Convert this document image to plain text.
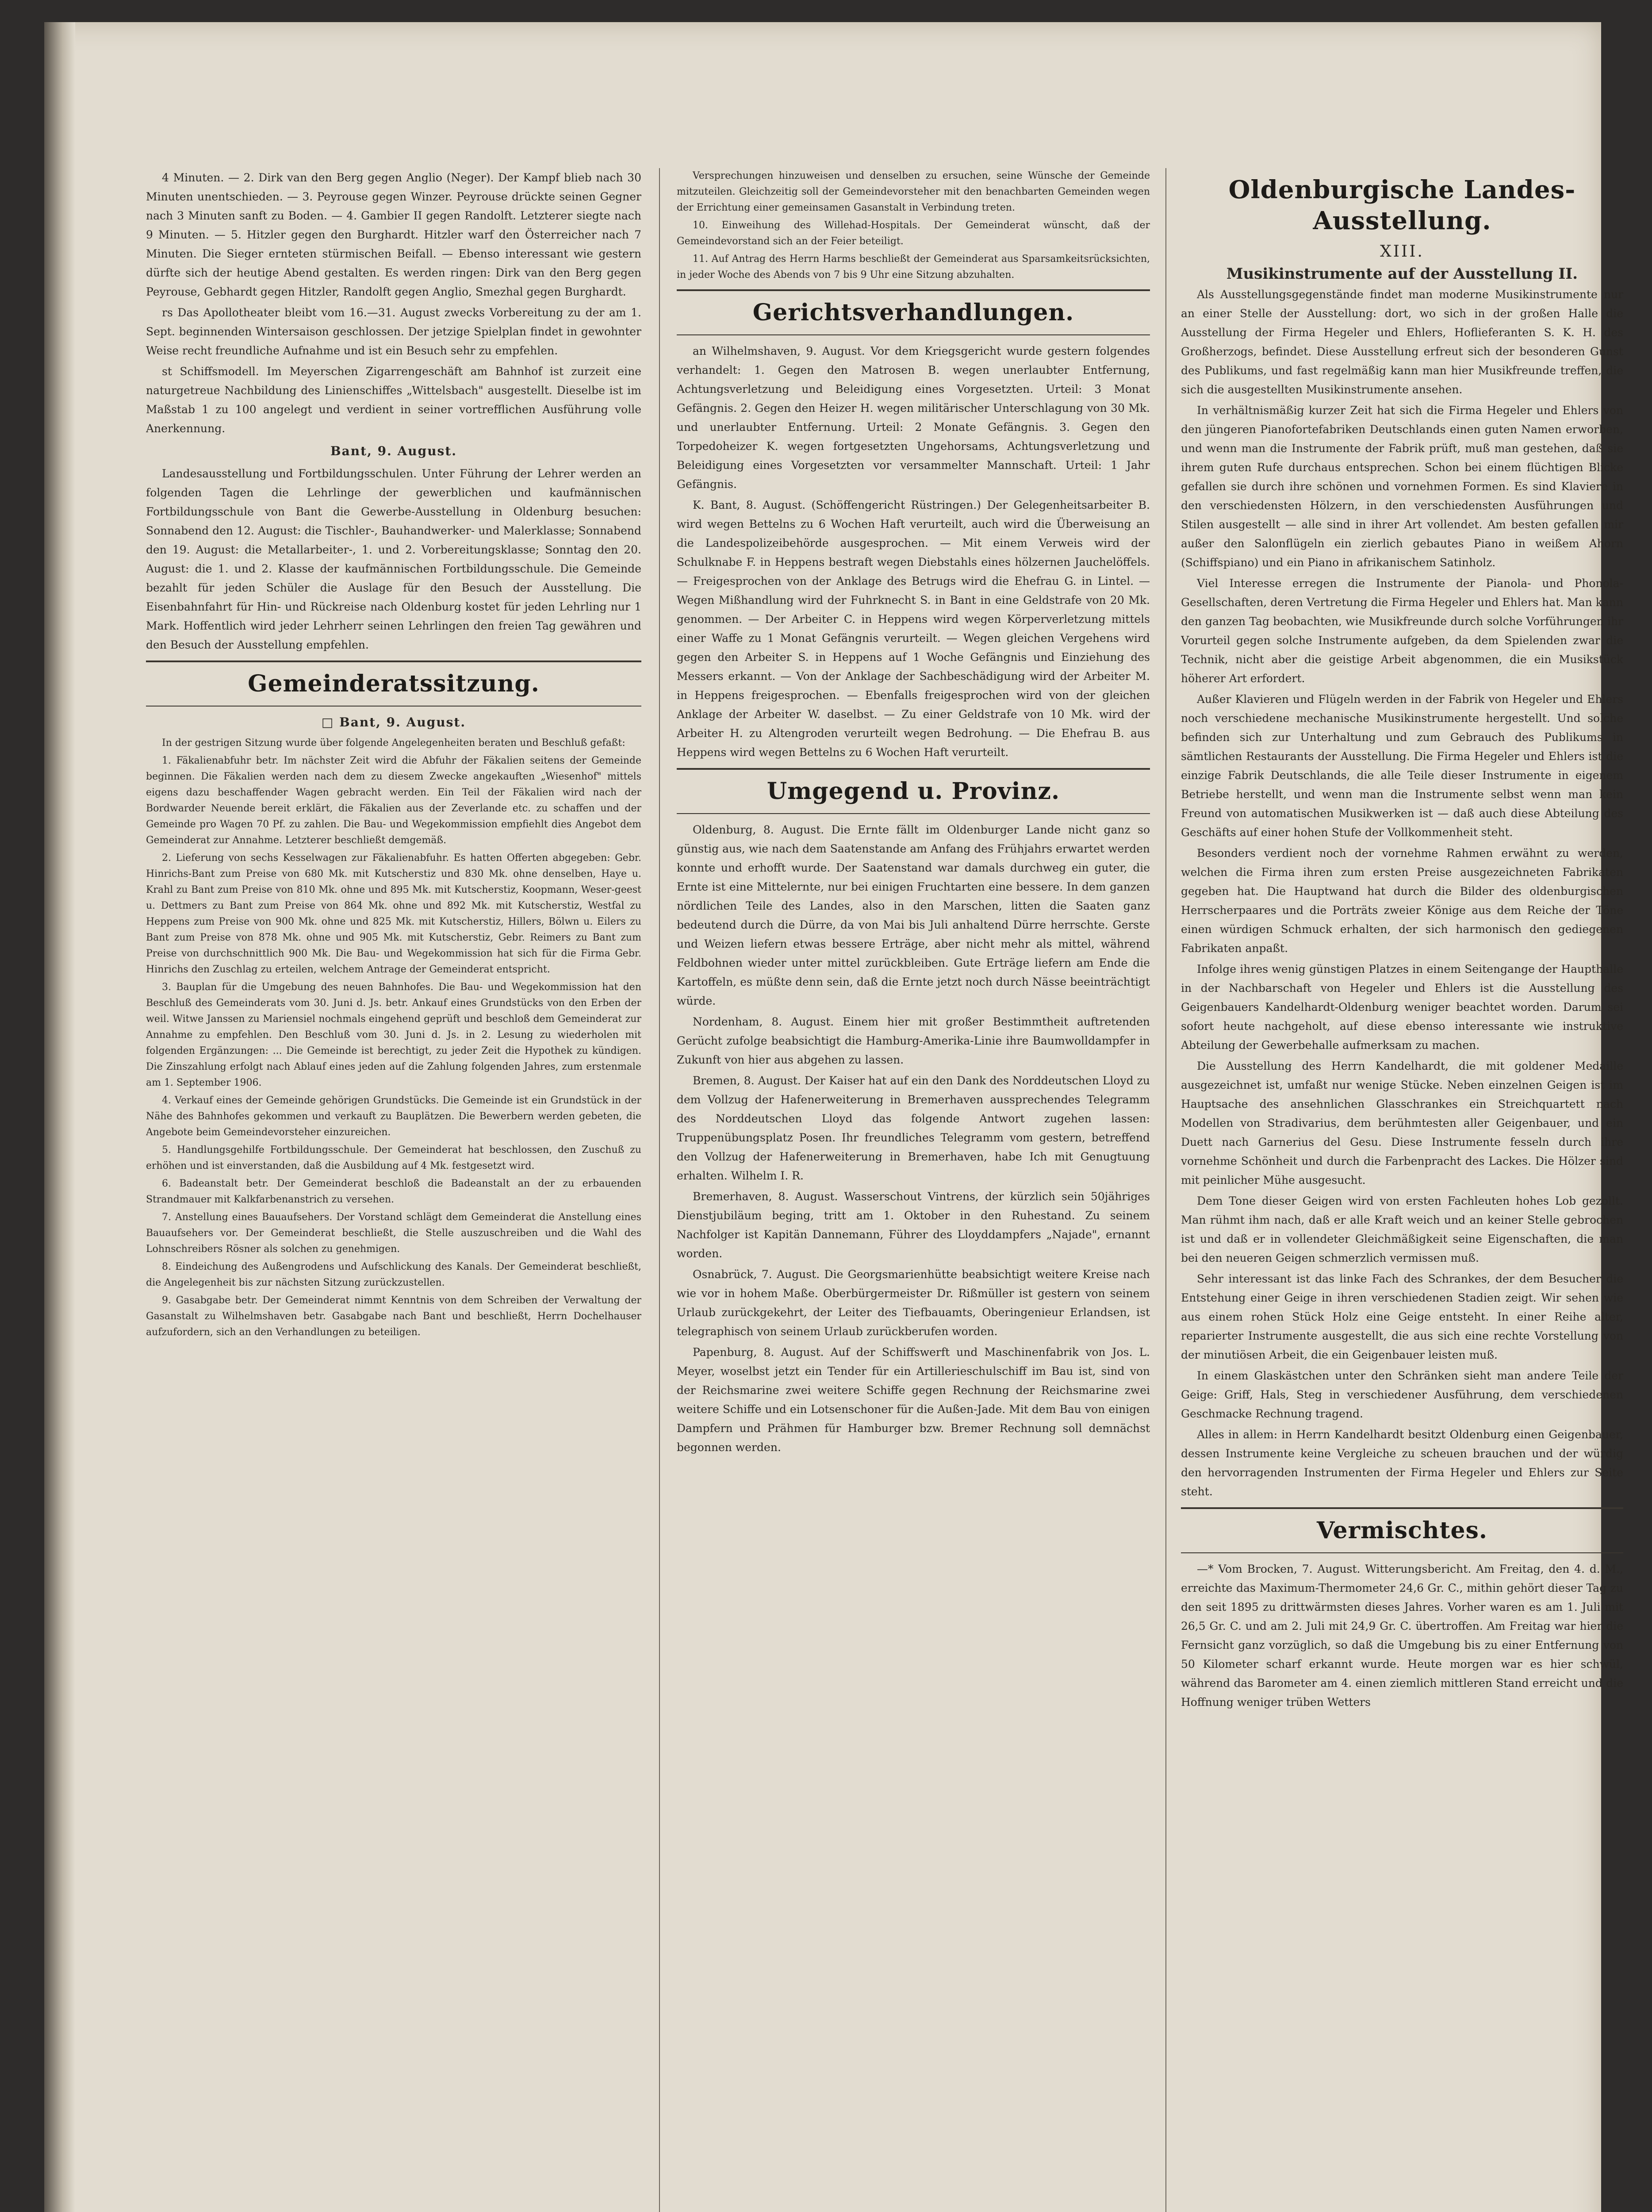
4 Minuten. — 2. Dirk van den Berg gegen Anglio (Neger). Der Kampf blieb nach 30 Minuten unentschieden. — 3. Peyrouse gegen Winzer. Peyrouse drückte seinen Gegner nach 3 Minuten sanft zu Boden. — 4. Gambier II gegen Randolft. Letzterer siegte nach 9 Minuten. — 5. Hitzler gegen den Burghardt. Hitzler warf den Österreicher nach 7 Minuten. Die Sieger ernteten stürmischen Beifall. — Ebenso interessant wie gestern dürfte sich der heutige Abend gestalten. Es werden ringen: Dirk van den Berg gegen Peyrouse, Gebhardt gegen Hitzler, Randolft gegen Anglio, Smezhal gegen Burghardt.

rs Das Apollotheater bleibt vom 16.—31. August zwecks Vorbereitung zu der am 1. Sept. beginnenden Wintersaison geschlossen. Der jetzige Spielplan findet in gewohnter Weise recht freundliche Aufnahme und ist ein Besuch sehr zu empfehlen.

st Schiffsmodell. Im Meyerschen Zigarrengeschäft am Bahnhof ist zurzeit eine naturgetreue Nachbildung des Linienschiffes „Wittelsbach" ausgestellt. Dieselbe ist im Maßstab 1 zu 100 angelegt und verdient in seiner vortrefflichen Ausführung volle Anerkennung.

Bant, 9. August.

Landesausstellung und Fortbildungsschulen. Unter Führung der Lehrer werden an folgenden Tagen die Lehrlinge der gewerblichen und kaufmännischen Fortbildungsschule von Bant die Gewerbe-Ausstellung in Oldenburg besuchen: Sonnabend den 12. August: die Tischler-, Bauhandwerker- und Malerklasse; Sonnabend den 19. August: die Metallarbeiter-, 1. und 2. Vorbereitungsklasse; Sonntag den 20. August: die 1. und 2. Klasse der kaufmännischen Fortbildungsschule. Die Gemeinde bezahlt für jeden Schüler die Auslage für den Besuch der Ausstellung. Die Eisenbahnfahrt für Hin- und Rückreise nach Oldenburg kostet für jeden Lehrling nur 1 Mark. Hoffentlich wird jeder Lehrherr seinen Lehrlingen den freien Tag gewähren und den Besuch der Ausstellung empfehlen.

Gemeinderatssitzung.
□ Bant, 9. August.

In der gestrigen Sitzung wurde über folgende Angelegenheiten beraten und Beschluß gefaßt:

1. Fäkalienabfuhr betr. Im nächster Zeit wird die Abfuhr der Fäkalien seitens der Gemeinde beginnen. Die Fäkalien werden nach dem zu diesem Zwecke angekauften „Wiesenhof" mittels eigens dazu beschaffender Wagen gebracht werden. Ein Teil der Fäkalien wird nach der Bordwarder Neuende bereit erklärt, die Fäkalien aus der Zeverlande etc. zu schaffen und der Gemeinde pro Wagen 70 Pf. zu zahlen. Die Bau- und Wegekommission empfiehlt dies Angebot dem Gemeinderat zur Annahme. Letzterer beschließt demgemäß.

2. Lieferung von sechs Kesselwagen zur Fäkalienabfuhr. Es hatten Offerten abgegeben: Gebr. Hinrichs-Bant zum Preise von 680 Mk. mit Kutscherstiz und 830 Mk. ohne denselben, Haye u. Krahl zu Bant zum Preise von 810 Mk. ohne und 895 Mk. mit Kutscherstiz, Koopmann, Weser-geest u. Dettmers zu Bant zum Preise von 864 Mk. ohne und 892 Mk. mit Kutscherstiz, Westfal zu Heppens zum Preise von 900 Mk. ohne und 825 Mk. mit Kutscherstiz, Hillers, Bölwn u. Eilers zu Bant zum Preise von 878 Mk. ohne und 905 Mk. mit Kutscherstiz, Gebr. Reimers zu Bant zum Preise von durchschnittlich 900 Mk. Die Bau- und Wegekommission hat sich für die Firma Gebr. Hinrichs den Zuschlag zu erteilen, welchem Antrage der Gemeinderat entspricht.

3. Bauplan für die Umgebung des neuen Bahnhofes. Die Bau- und Wegekommission hat den Beschluß des Gemeinderats vom 30. Juni d. Js. betr. Ankauf eines Grundstücks von den Erben der weil. Witwe Janssen zu Mariensiel nochmals eingehend geprüft und beschloß dem Gemeinderat zur Annahme zu empfehlen. Den Beschluß vom 30. Juni d. Js. in 2. Lesung zu wiederholen mit folgenden Ergänzungen: ... Die Gemeinde ist berechtigt, zu jeder Zeit die Hypothek zu kündigen. Die Zinszahlung erfolgt nach Ablauf eines jeden auf die Zahlung folgenden Jahres, zum erstenmale am 1. September 1906.

4. Verkauf eines der Gemeinde gehörigen Grundstücks. Die Gemeinde ist ein Grundstück in der Nähe des Bahnhofes gekommen und verkauft zu Bauplätzen. Die Bewerbern werden gebeten, die Angebote beim Gemeindevorsteher einzureichen.

5. Handlungsgehilfe Fortbildungsschule. Der Gemeinderat hat beschlossen, den Zuschuß zu erhöhen und ist einverstanden, daß die Ausbildung auf 4 Mk. festgesetzt wird.

6. Badeanstalt betr. Der Gemeinderat beschloß die Badeanstalt an der zu erbauenden Strandmauer mit Kalkfarbenanstrich zu versehen.

7. Anstellung eines Bauaufsehers. Der Vorstand schlägt dem Gemeinderat die Anstellung eines Bauaufsehers vor. Der Gemeinderat beschließt, die Stelle auszuschreiben und die Wahl des Lohnschreibers Rösner als solchen zu genehmigen.

8. Eindeichung des Außengrodens und Aufschlickung des Kanals. Der Gemeinderat beschließt, die Angelegenheit bis zur nächsten Sitzung zurückzustellen.

9. Gasabgabe betr. Der Gemeinderat nimmt Kenntnis von dem Schreiben der Verwaltung der Gasanstalt zu Wilhelmshaven betr. Gasabgabe nach Bant und beschließt, Herrn Dochelhauser aufzufordern, sich an den Verhandlungen zu beteiligen.

Versprechungen hinzuweisen und denselben zu ersuchen, seine Wünsche der Gemeinde mitzuteilen. Gleichzeitig soll der Gemeindevorsteher mit den benachbarten Gemeinden wegen der Errichtung einer gemeinsamen Gasanstalt in Verbindung treten.

10. Einweihung des Willehad-Hospitals. Der Gemeinderat wünscht, daß der Gemeindevorstand sich an der Feier beteiligt.

11. Auf Antrag des Herrn Harms beschließt der Gemeinderat aus Sparsamkeitsrücksichten, in jeder Woche des Abends von 7 bis 9 Uhr eine Sitzung abzuhalten.

Gerichtsverhandlungen.

an Wilhelmshaven, 9. August. Vor dem Kriegsgericht wurde gestern folgendes verhandelt: 1. Gegen den Matrosen B. wegen unerlaubter Entfernung, Achtungsverletzung und Beleidigung eines Vorgesetzten. Urteil: 3 Monat Gefängnis. 2. Gegen den Heizer H. wegen militärischer Unterschlagung von 30 Mk. und unerlaubter Entfernung. Urteil: 2 Monate Gefängnis. 3. Gegen den Torpedoheizer K. wegen fortgesetzten Ungehorsams, Achtungsverletzung und Beleidigung eines Vorgesetzten vor versammelter Mannschaft. Urteil: 1 Jahr Gefängnis.

K. Bant, 8. August. (Schöffengericht Rüstringen.) Der Gelegenheitsarbeiter B. wird wegen Bettelns zu 6 Wochen Haft verurteilt, auch wird die Überweisung an die Landespolizeibehörde ausgesprochen. — Mit einem Verweis wird der Schulknabe F. in Heppens bestraft wegen Diebstahls eines hölzernen Jauchelöffels. — Freigesprochen von der Anklage des Betrugs wird die Ehefrau G. in Lintel. — Wegen Mißhandlung wird der Fuhrknecht S. in Bant in eine Geldstrafe von 20 Mk. genommen. — Der Arbeiter C. in Heppens wird wegen Körperverletzung mittels einer Waffe zu 1 Monat Gefängnis verurteilt. — Wegen gleichen Vergehens wird gegen den Arbeiter S. in Heppens auf 1 Woche Gefängnis und Einziehung des Messers erkannt. — Von der Anklage der Sachbeschädigung wird der Arbeiter M. in Heppens freigesprochen. — Ebenfalls freigesprochen wird von der gleichen Anklage der Arbeiter W. daselbst. — Zu einer Geldstrafe von 10 Mk. wird der Arbeiter H. zu Altengroden verurteilt wegen Bedrohung. — Die Ehefrau B. aus Heppens wird wegen Bettelns zu 6 Wochen Haft verurteilt.

Umgegend u. Provinz.

Oldenburg, 8. August. Die Ernte fällt im Oldenburger Lande nicht ganz so günstig aus, wie nach dem Saatenstande am Anfang des Frühjahrs erwartet werden konnte und erhofft wurde. Der Saatenstand war damals durchweg ein guter, die Ernte ist eine Mittelernte, nur bei einigen Fruchtarten eine bessere. In dem ganzen nördlichen Teile des Landes, also in den Marschen, litten die Saaten ganz bedeutend durch die Dürre, da von Mai bis Juli anhaltend Dürre herrschte. Gerste und Weizen liefern etwas bessere Erträge, aber nicht mehr als mittel, während Feldbohnen wieder unter mittel zurückbleiben. Gute Erträge liefern am Ende die Kartoffeln, es müßte denn sein, daß die Ernte jetzt noch durch Nässe beeinträchtigt würde.

Nordenham, 8. August. Einem hier mit großer Bestimmtheit auftretenden Gerücht zufolge beabsichtigt die Hamburg-Amerika-Linie ihre Baumwolldampfer in Zukunft von hier aus abgehen zu lassen.

Bremen, 8. August. Der Kaiser hat auf ein den Dank des Norddeutschen Lloyd zu dem Vollzug der Hafenerweiterung in Bremerhaven aussprechendes Telegramm des Norddeutschen Lloyd das folgende Antwort zugehen lassen: Truppenübungsplatz Posen. Ihr freundliches Telegramm vom gestern, betreffend den Vollzug der Hafenerweiterung in Bremerhaven, habe Ich mit Genugtuung erhalten. Wilhelm I. R.

Bremerhaven, 8. August. Wasserschout Vintrens, der kürzlich sein 50jähriges Dienstjubiläum beging, tritt am 1. Oktober in den Ruhestand. Zu seinem Nachfolger ist Kapitän Dannemann, Führer des Lloyddampfers „Najade", ernannt worden.

Osnabrück, 7. August. Die Georgsmarienhütte beabsichtigt weitere Kreise nach wie vor in hohem Maße. Oberbürgermeister Dr. Rißmüller ist gestern von seinem Urlaub zurückgekehrt, der Leiter des Tiefbauamts, Oberingenieur Erlandsen, ist telegraphisch von seinem Urlaub zurückberufen worden.

Papenburg, 8. August. Auf der Schiffswerft und Maschinenfabrik von Jos. L. Meyer, woselbst jetzt ein Tender für ein Artillerieschulschiff im Bau ist, sind von der Reichsmarine zwei weitere Schiffe gegen Rechnung der Reichsmarine zwei weitere Schiffe und ein Lotsenschoner für die Außen-Jade. Mit dem Bau von einigen Dampfern und Prähmen für Hamburger bzw. Bremer Rechnung soll demnächst begonnen werden.

Oldenburgische Landes-Ausstellung.
XIII.
Musikinstrumente auf der Ausstellung II.

Als Ausstellungsgegenstände findet man moderne Musikinstrumente nur an einer Stelle der Ausstellung: dort, wo sich in der großen Halle die Ausstellung der Firma Hegeler und Ehlers, Hoflieferanten S. K. H. des Großherzogs, befindet. Diese Ausstellung erfreut sich der besonderen Gunst des Publikums, und fast regelmäßig kann man hier Musikfreunde treffen, die sich die ausgestellten Musikinstrumente ansehen.

In verhältnismäßig kurzer Zeit hat sich die Firma Hegeler und Ehlers von den jüngeren Pianofortefabriken Deutschlands einen guten Namen erworben, und wenn man die Instrumente der Fabrik prüft, muß man gestehen, daß sie ihrem guten Rufe durchaus entsprechen. Schon bei einem flüchtigen Blicke gefallen sie durch ihre schönen und vornehmen Formen. Es sind Klaviere in den verschiedensten Hölzern, in den verschiedensten Ausführungen und Stilen ausgestellt — alle sind in ihrer Art vollendet. Am besten gefallen mir außer den Salonflügeln ein zierlich gebautes Piano in weißem Ahorn (Schiffspiano) und ein Piano in afrikanischem Satinholz.

Viel Interesse erregen die Instrumente der Pianola- und Phonola-Gesellschaften, deren Vertretung die Firma Hegeler und Ehlers hat. Man kann den ganzen Tag beobachten, wie Musikfreunde durch solche Vorführungen ihr Vorurteil gegen solche Instrumente aufgeben, da dem Spielenden zwar die Technik, nicht aber die geistige Arbeit abgenommen, die ein Musikstück höherer Art erfordert.

Außer Klavieren und Flügeln werden in der Fabrik von Hegeler und Ehlers noch verschiedene mechanische Musikinstrumente hergestellt. Und solche befinden sich zur Unterhaltung und zum Gebrauch des Publikums in sämtlichen Restaurants der Ausstellung. Die Firma Hegeler und Ehlers ist die einzige Fabrik Deutschlands, die alle Teile dieser Instrumente in eigenem Betriebe herstellt, und wenn man die Instrumente selbst wenn man kein Freund von automatischen Musikwerken ist — daß auch diese Abteilung des Geschäfts auf einer hohen Stufe der Vollkommenheit steht.

Besonders verdient noch der vornehme Rahmen erwähnt zu werden, welchen die Firma ihren zum ersten Preise ausgezeichneten Fabrikaten gegeben hat. Die Hauptwand hat durch die Bilder des oldenburgischen Herrscherpaares und die Porträts zweier Könige aus dem Reiche der Töne einen würdigen Schmuck erhalten, der sich harmonisch den gediegenen Fabrikaten anpaßt.

Infolge ihres wenig günstigen Platzes in einem Seitengange der Haupthalle in der Nachbarschaft von Hegeler und Ehlers ist die Ausstellung des Geigenbauers Kandelhardt-Oldenburg weniger beachtet worden. Darum sei sofort heute nachgeholt, auf diese ebenso interessante wie instruktive Abteilung der Gewerbehalle aufmerksam zu machen.

Die Ausstellung des Herrn Kandelhardt, die mit goldener Medaille ausgezeichnet ist, umfaßt nur wenige Stücke. Neben einzelnen Geigen ist im Hauptsache des ansehnlichen Glasschrankes ein Streichquartett nach Modellen von Stradivarius, dem berühmtesten aller Geigenbauer, und ein Duett nach Garnerius del Gesu. Diese Instrumente fesseln durch ihre vornehme Schönheit und durch die Farbenpracht des Lackes. Die Hölzer sind mit peinlicher Mühe ausgesucht.

Dem Tone dieser Geigen wird von ersten Fachleuten hohes Lob gezollt. Man rühmt ihm nach, daß er alle Kraft weich und an keiner Stelle gebrochen ist und daß er in vollendeter Gleichmäßigkeit seine Eigenschaften, die man bei den neueren Geigen schmerzlich vermissen muß.

Sehr interessant ist das linke Fach des Schrankes, der dem Besucher die Entstehung einer Geige in ihren verschiedenen Stadien zeigt. Wir sehen wie aus einem rohen Stück Holz eine Geige entsteht. In einer Reihe alter, reparierter Instrumente ausgestellt, die aus sich eine rechte Vorstellung von der minutiösen Arbeit, die ein Geigenbauer leisten muß.

In einem Glaskästchen unter den Schränken sieht man andere Teile der Geige: Griff, Hals, Steg in verschiedener Ausführung, dem verschiedenen Geschmacke Rechnung tragend.

Alles in allem: in Herrn Kandelhardt besitzt Oldenburg einen Geigenbauer, dessen Instrumente keine Vergleiche zu scheuen brauchen und der würdig den hervorragenden Instrumenten der Firma Hegeler und Ehlers zur Seite steht.

Vermischtes.

—* Vom Brocken, 7. August. Witterungsbericht. Am Freitag, den 4. d. M., erreichte das Maximum-Thermometer 24,6 Gr. C., mithin gehört dieser Tag zu den seit 1895 zu drittwärmsten dieses Jahres. Vorher waren es am 1. Juli mit 26,5 Gr. C. und am 2. Juli mit 24,9 Gr. C. übertroffen. Am Freitag war hier die Fernsicht ganz vorzüglich, so daß die Umgebung bis zu einer Entfernung von 50 Kilometer scharf erkannt wurde. Heute morgen war es hier schwül, während das Barometer am 4. einen ziemlich mittleren Stand erreicht und die Hoffnung weniger trüben Wetters
